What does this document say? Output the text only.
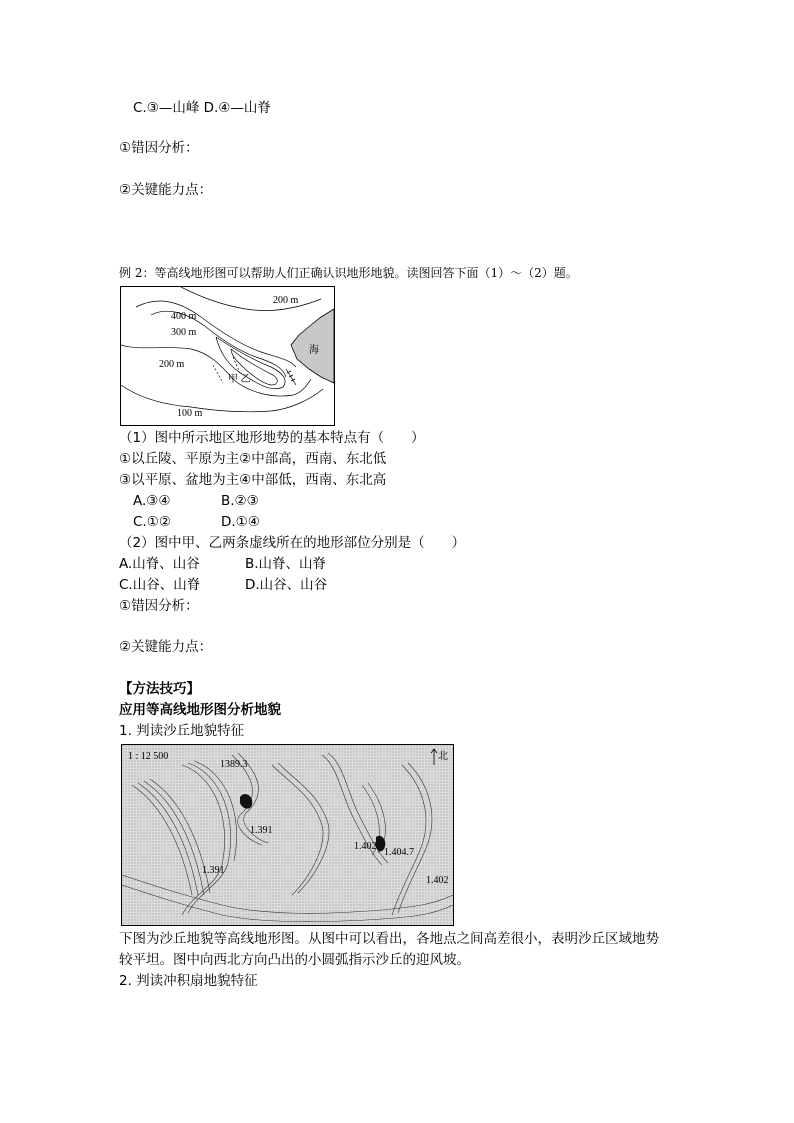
C.③—山峰 D.④—山脊
①错因分析：
②关键能力点：
例 2：等高线地形图可以帮助人们正确认识地形地貌。读图回答下面（1）～（2）题。
200 m
400 m
300 m
200 m
100 m
海
甲 乙
（1）图中所示地区地形地势的基本特点有（　　）
①以丘陵、平原为主②中部高，西南、东北低
③以平原、盆地为主④中部低，西南、东北高
A.③④	B.②③
C.①②	D.①④
（2）图中甲、乙两条虚线所在的地形部位分别是（　　）
A.山脊、山谷	B.山脊、山脊
C.山谷、山脊	D.山谷、山谷
①错因分析：
②关键能力点：
【方法技巧】
应用等高线地形图分析地貌
1. 判读沙丘地貌特征
1 : 12 500	北
1389.3
1.391
1.402
1.404.7
1.391
1.402
下图为沙丘地貌等高线地形图。从图中可以看出，各地点之间高差很小，表明沙丘区域地势
较平坦。图中向西北方向凸出的小圆弧指示沙丘的迎风坡。
2. 判读冲积扇地貌特征
